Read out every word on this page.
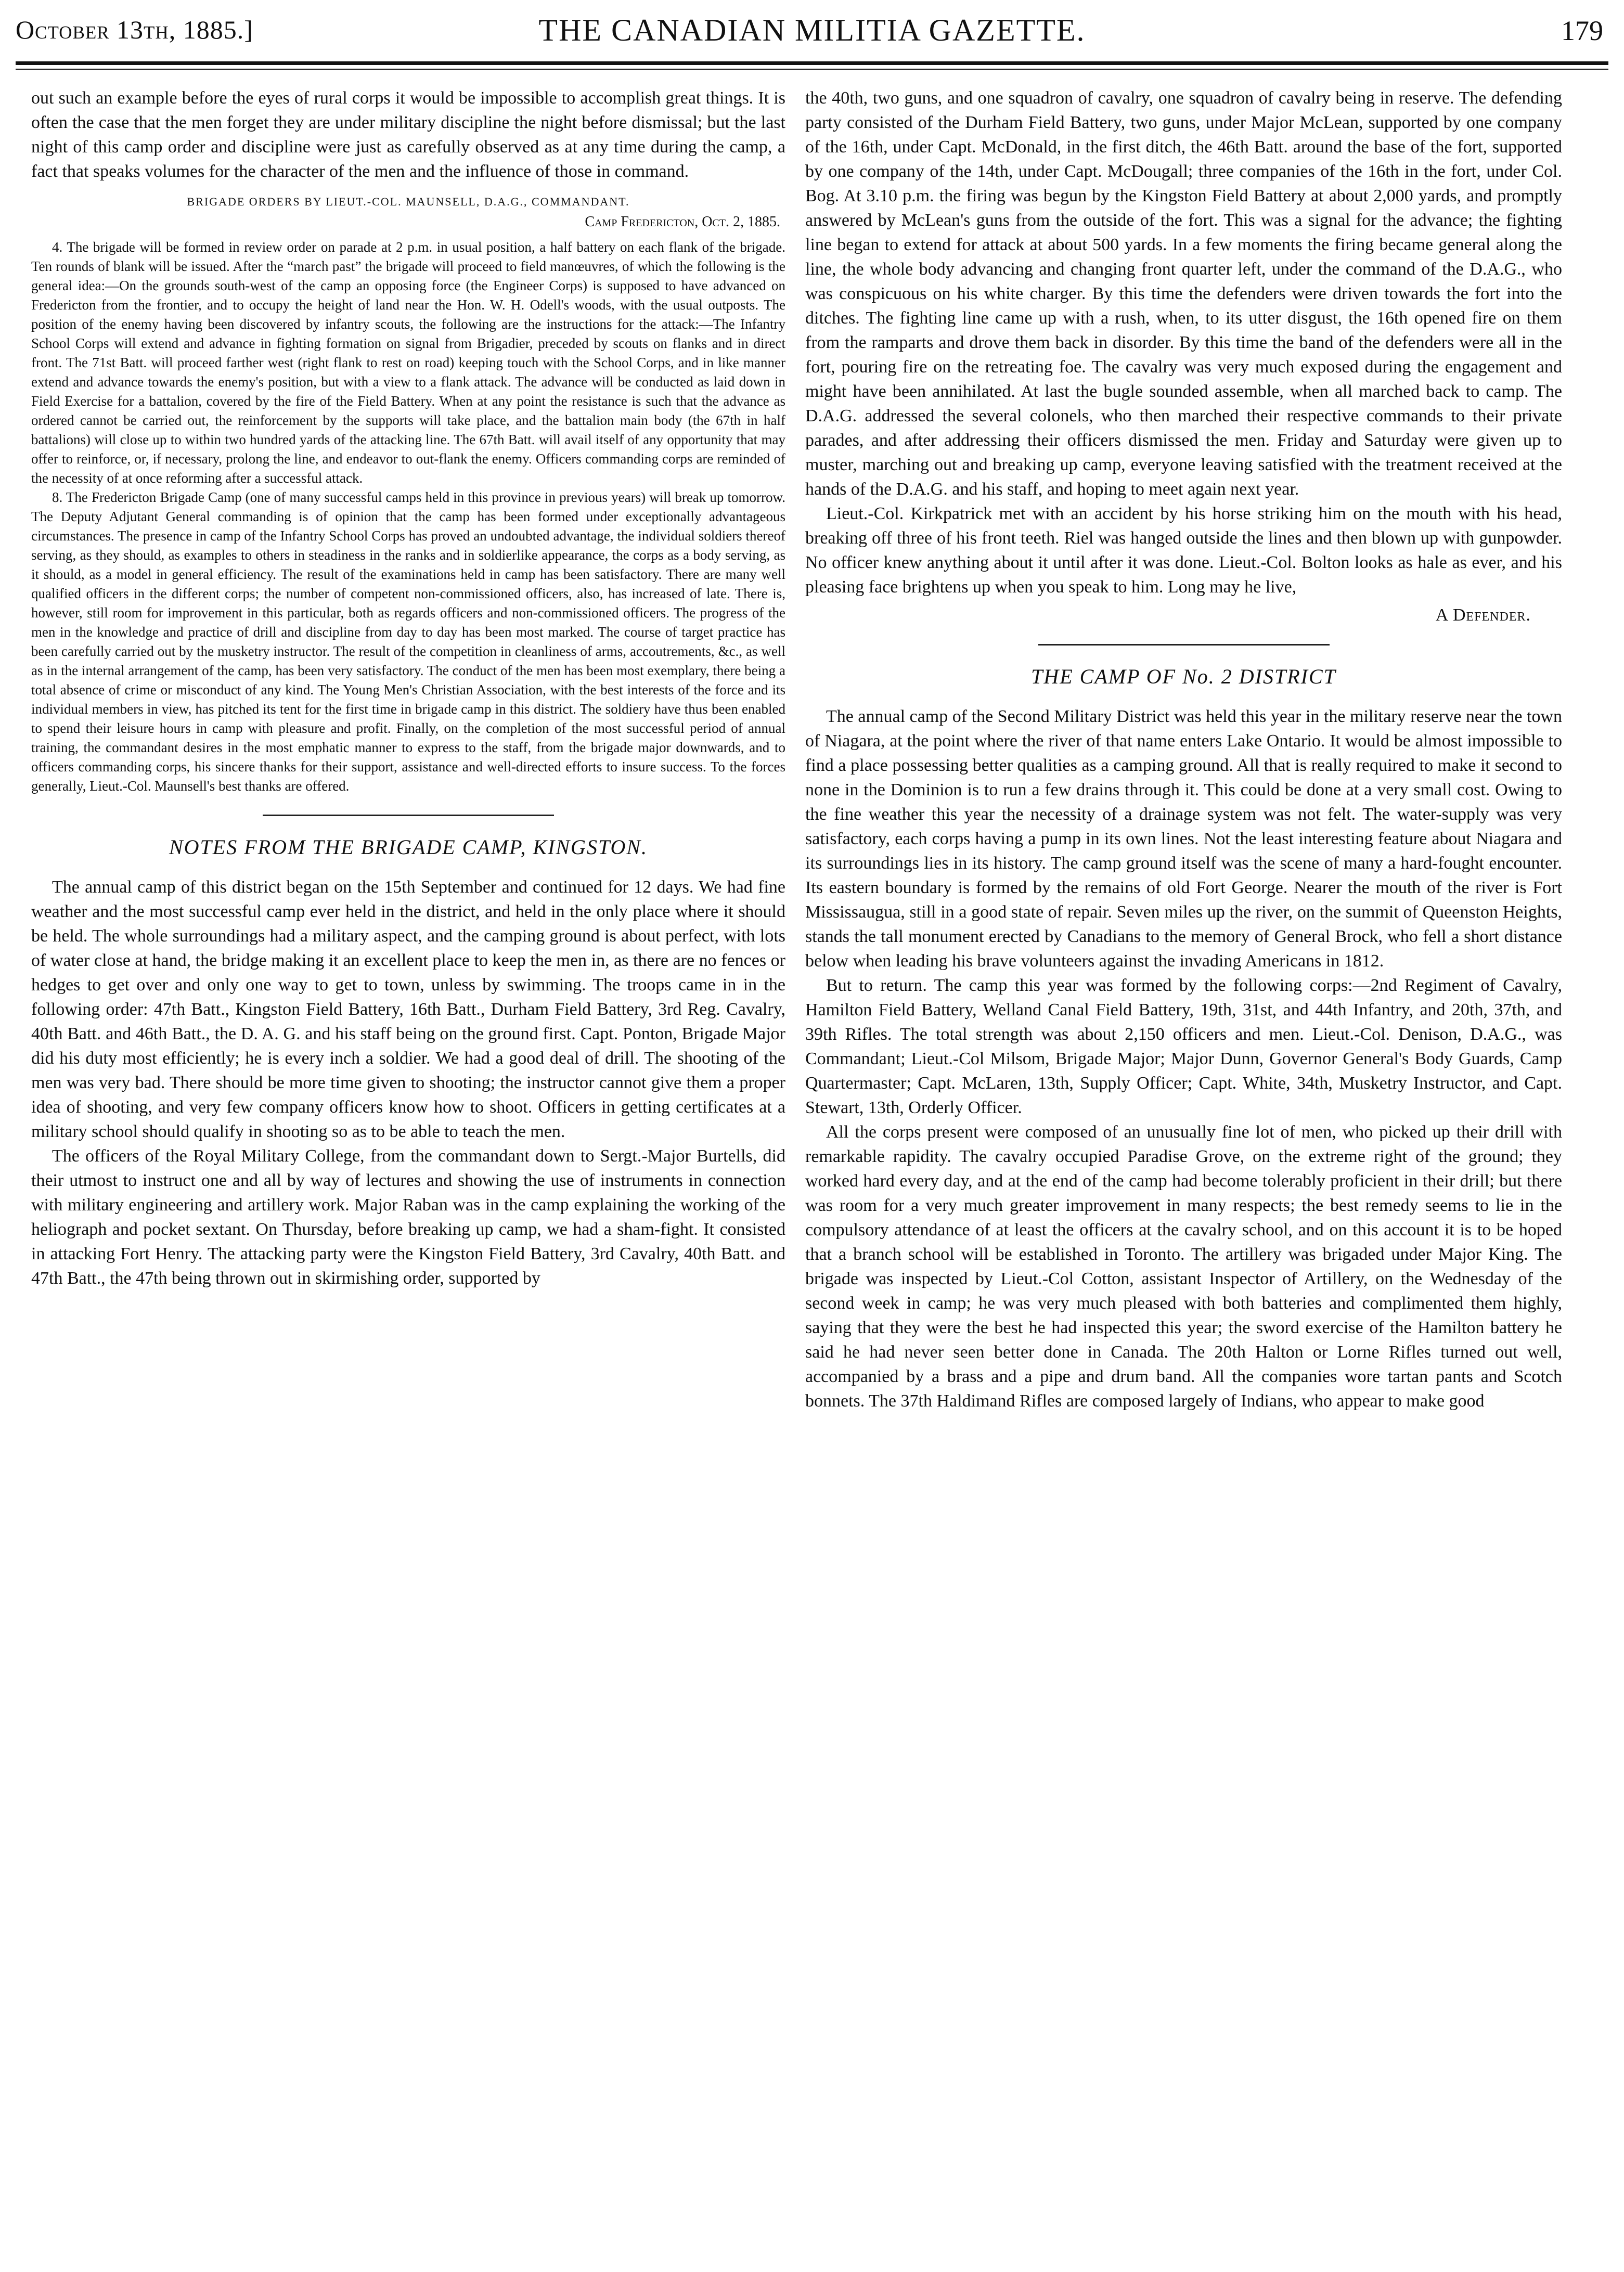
October 13th, 1885.]	THE CANADIAN MILITIA GAZETTE.	179

out such an example before the eyes of rural corps it would be impossible to accomplish great things. It is often the case that the men forget they are under military discipline the night before dismissal; but the last night of this camp order and discipline were just as carefully observed as at any time during the camp, a fact that speaks volumes for the character of the men and the influence of those in command.

BRIGADE ORDERS BY LIEUT.-COL. MAUNSELL, D.A.G., COMMANDANT.
Camp Fredericton, Oct. 2, 1885.

4. The brigade will be formed in review order on parade at 2 p.m. in usual position, a half battery on each flank of the brigade. Ten rounds of blank will be issued. After the “march past” the brigade will proceed to field manœuvres, of which the following is the general idea:—On the grounds south-west of the camp an opposing force (the Engineer Corps) is supposed to have advanced on Fredericton from the frontier, and to occupy the height of land near the Hon. W. H. Odell's woods, with the usual outposts. The position of the enemy having been discovered by infantry scouts, the following are the instructions for the attack:—The Infantry School Corps will extend and advance in fighting formation on signal from Brigadier, preceded by scouts on flanks and in direct front. The 71st Batt. will proceed farther west (right flank to rest on road) keeping touch with the School Corps, and in like manner extend and advance towards the enemy's position, but with a view to a flank attack. The advance will be conducted as laid down in Field Exercise for a battalion, covered by the fire of the Field Battery. When at any point the resistance is such that the advance as ordered cannot be carried out, the reinforcement by the supports will take place, and the battalion main body (the 67th in half battalions) will close up to within two hundred yards of the attacking line. The 67th Batt. will avail itself of any opportunity that may offer to reinforce, or, if necessary, prolong the line, and endeavor to out-flank the enemy. Officers commanding corps are reminded of the necessity of at once reforming after a successful attack.

8. The Fredericton Brigade Camp (one of many successful camps held in this province in previous years) will break up tomorrow. The Deputy Adjutant General commanding is of opinion that the camp has been formed under exceptionally advantageous circumstances. The presence in camp of the Infantry School Corps has proved an undoubted advantage, the individual soldiers thereof serving, as they should, as examples to others in steadiness in the ranks and in soldierlike appearance, the corps as a body serving, as it should, as a model in general efficiency. The result of the examinations held in camp has been satisfactory. There are many well qualified officers in the different corps; the number of competent non-commissioned officers, also, has increased of late. There is, however, still room for improvement in this particular, both as regards officers and non-commissioned officers. The progress of the men in the knowledge and practice of drill and discipline from day to day has been most marked. The course of target practice has been carefully carried out by the musketry instructor. The result of the competition in cleanliness of arms, accoutrements, &c., as well as in the internal arrangement of the camp, has been very satisfactory. The conduct of the men has been most exemplary, there being a total absence of crime or misconduct of any kind. The Young Men's Christian Association, with the best interests of the force and its individual members in view, has pitched its tent for the first time in brigade camp in this district. The soldiery have thus been enabled to spend their leisure hours in camp with pleasure and profit. Finally, on the completion of the most successful period of annual training, the commandant desires in the most emphatic manner to express to the staff, from the brigade major downwards, and to officers commanding corps, his sincere thanks for their support, assistance and well-directed efforts to insure success. To the forces generally, Lieut.-Col. Maunsell's best thanks are offered.

NOTES FROM THE BRIGADE CAMP, KINGSTON.

The annual camp of this district began on the 15th September and continued for 12 days. We had fine weather and the most successful camp ever held in the district, and held in the only place where it should be held. The whole surroundings had a military aspect, and the camping ground is about perfect, with lots of water close at hand, the bridge making it an excellent place to keep the men in, as there are no fences or hedges to get over and only one way to get to town, unless by swimming. The troops came in in the following order: 47th Batt., Kingston Field Battery, 16th Batt., Durham Field Battery, 3rd Reg. Cavalry, 40th Batt. and 46th Batt., the D. A. G. and his staff being on the ground first. Capt. Ponton, Brigade Major did his duty most efficiently; he is every inch a soldier. We had a good deal of drill. The shooting of the men was very bad. There should be more time given to shooting; the instructor cannot give them a proper idea of shooting, and very few company officers know how to shoot. Officers in getting certificates at a military school should qualify in shooting so as to be able to teach the men.

The officers of the Royal Military College, from the commandant down to Sergt.-Major Burtells, did their utmost to instruct one and all by way of lectures and showing the use of instruments in connection with military engineering and artillery work. Major Raban was in the camp explaining the working of the heliograph and pocket sextant. On Thursday, before breaking up camp, we had a sham-fight. It consisted in attacking Fort Henry. The attacking party were the Kingston Field Battery, 3rd Cavalry, 40th Batt. and 47th Batt., the 47th being thrown out in skirmishing order, supported by

the 40th, two guns, and one squadron of cavalry, one squadron of cavalry being in reserve. The defending party consisted of the Durham Field Battery, two guns, under Major McLean, supported by one company of the 16th, under Capt. McDonald, in the first ditch, the 46th Batt. around the base of the fort, supported by one company of the 14th, under Capt. McDougall; three companies of the 16th in the fort, under Col. Bog. At 3.10 p.m. the firing was begun by the Kingston Field Battery at about 2,000 yards, and promptly answered by McLean's guns from the outside of the fort. This was a signal for the advance; the fighting line began to extend for attack at about 500 yards. In a few moments the firing became general along the line, the whole body advancing and changing front quarter left, under the command of the D.A.G., who was conspicuous on his white charger. By this time the defenders were driven towards the fort into the ditches. The fighting line came up with a rush, when, to its utter disgust, the 16th opened fire on them from the ramparts and drove them back in disorder. By this time the band of the defenders were all in the fort, pouring fire on the retreating foe. The cavalry was very much exposed during the engagement and might have been annihilated. At last the bugle sounded assemble, when all marched back to camp. The D.A.G. addressed the several colonels, who then marched their respective commands to their private parades, and after addressing their officers dismissed the men. Friday and Saturday were given up to muster, marching out and breaking up camp, everyone leaving satisfied with the treatment received at the hands of the D.A.G. and his staff, and hoping to meet again next year.

Lieut.-Col. Kirkpatrick met with an accident by his horse striking him on the mouth with his head, breaking off three of his front teeth. Riel was hanged outside the lines and then blown up with gunpowder. No officer knew anything about it until after it was done. Lieut.-Col. Bolton looks as hale as ever, and his pleasing face brightens up when you speak to him. Long may he live,

A Defender.
THE CAMP OF No. 2 DISTRICT

The annual camp of the Second Military District was held this year in the military reserve near the town of Niagara, at the point where the river of that name enters Lake Ontario. It would be almost impossible to find a place possessing better qualities as a camping ground. All that is really required to make it second to none in the Dominion is to run a few drains through it. This could be done at a very small cost. Owing to the fine weather this year the necessity of a drainage system was not felt. The water-supply was very satisfactory, each corps having a pump in its own lines. Not the least interesting feature about Niagara and its surroundings lies in its history. The camp ground itself was the scene of many a hard-fought encounter. Its eastern boundary is formed by the remains of old Fort George. Nearer the mouth of the river is Fort Mississaugua, still in a good state of repair. Seven miles up the river, on the summit of Queenston Heights, stands the tall monument erected by Canadians to the memory of General Brock, who fell a short distance below when leading his brave volunteers against the invading Americans in 1812.

But to return. The camp this year was formed by the following corps:—2nd Regiment of Cavalry, Hamilton Field Battery, Welland Canal Field Battery, 19th, 31st, and 44th Infantry, and 20th, 37th, and 39th Rifles. The total strength was about 2,150 officers and men. Lieut.-Col. Denison, D.A.G., was Commandant; Lieut.-Col Milsom, Brigade Major; Major Dunn, Governor General's Body Guards, Camp Quartermaster; Capt. McLaren, 13th, Supply Officer; Capt. White, 34th, Musketry Instructor, and Capt. Stewart, 13th, Orderly Officer.

All the corps present were composed of an unusually fine lot of men, who picked up their drill with remarkable rapidity. The cavalry occupied Paradise Grove, on the extreme right of the ground; they worked hard every day, and at the end of the camp had become tolerably proficient in their drill; but there was room for a very much greater improvement in many respects; the best remedy seems to lie in the compulsory attendance of at least the officers at the cavalry school, and on this account it is to be hoped that a branch school will be established in Toronto. The artillery was brigaded under Major King. The brigade was inspected by Lieut.-Col Cotton, assistant Inspector of Artillery, on the Wednesday of the second week in camp; he was very much pleased with both batteries and complimented them highly, saying that they were the best he had inspected this year; the sword exercise of the Hamilton battery he said he had never seen better done in Canada. The 20th Halton or Lorne Rifles turned out well, accompanied by a brass and a pipe and drum band. All the companies wore tartan pants and Scotch bonnets. The 37th Haldimand Rifles are composed largely of Indians, who appear to make good
